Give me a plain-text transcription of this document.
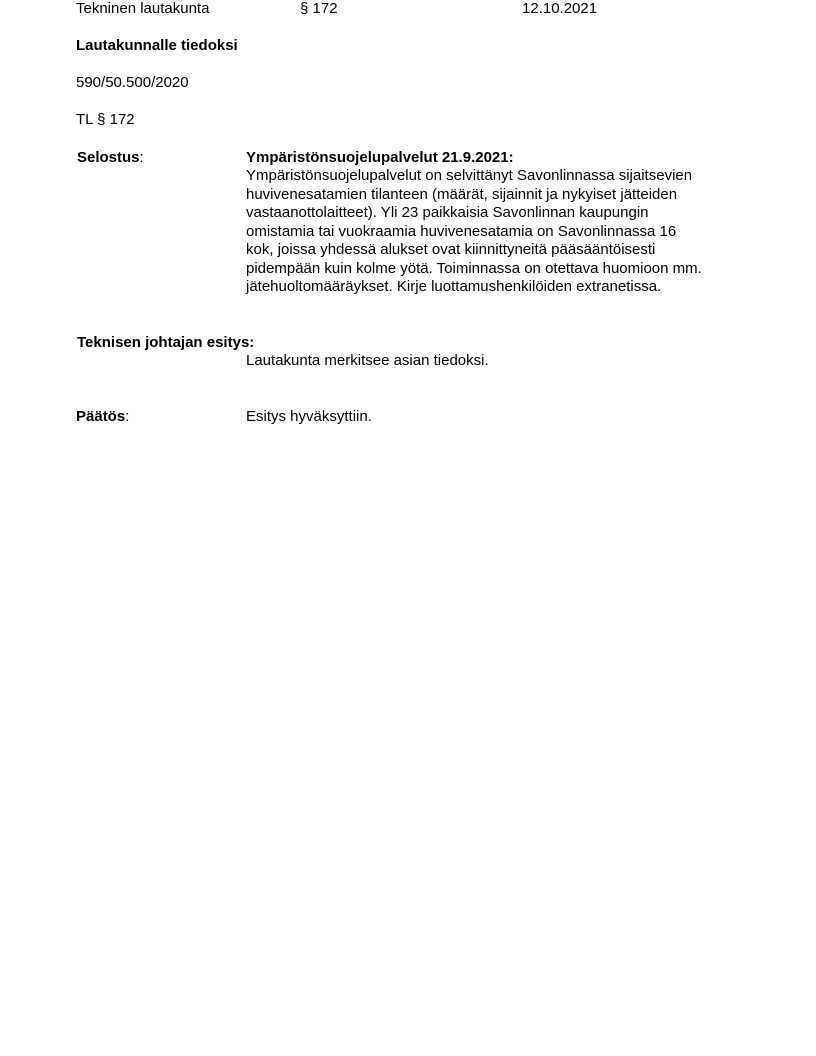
Tekninen lautakunta	§ 172	12.10.2021
Lautakunnalle tiedoksi
590/50.500/2020
TL § 172
Selostus:	Ympäristönsuojelupalvelut 21.9.2021:
Ympäristönsuojelupalvelut on selvittänyt Savonlinnassa sijaitsevien
huvivenesatamien tilanteen (määrät, sijainnit ja nykyiset jätteiden
vastaanottolaitteet). Yli 23 paikkaisia Savonlinnan kaupungin
omistamia tai vuokraamia huvivenesatamia on Savonlinnassa 16
kok, joissa yhdessä alukset ovat kiinnittyneitä pääsääntöisesti
pidempään kuin kolme yötä. Toiminnassa on otettava huomioon mm.
jätehuoltomääräykset. Kirje luottamushenkilöiden extranetissa.
Teknisen johtajan esitys:
Lautakunta merkitsee asian tiedoksi.
Päätös:	Esitys hyväksyttiin.
